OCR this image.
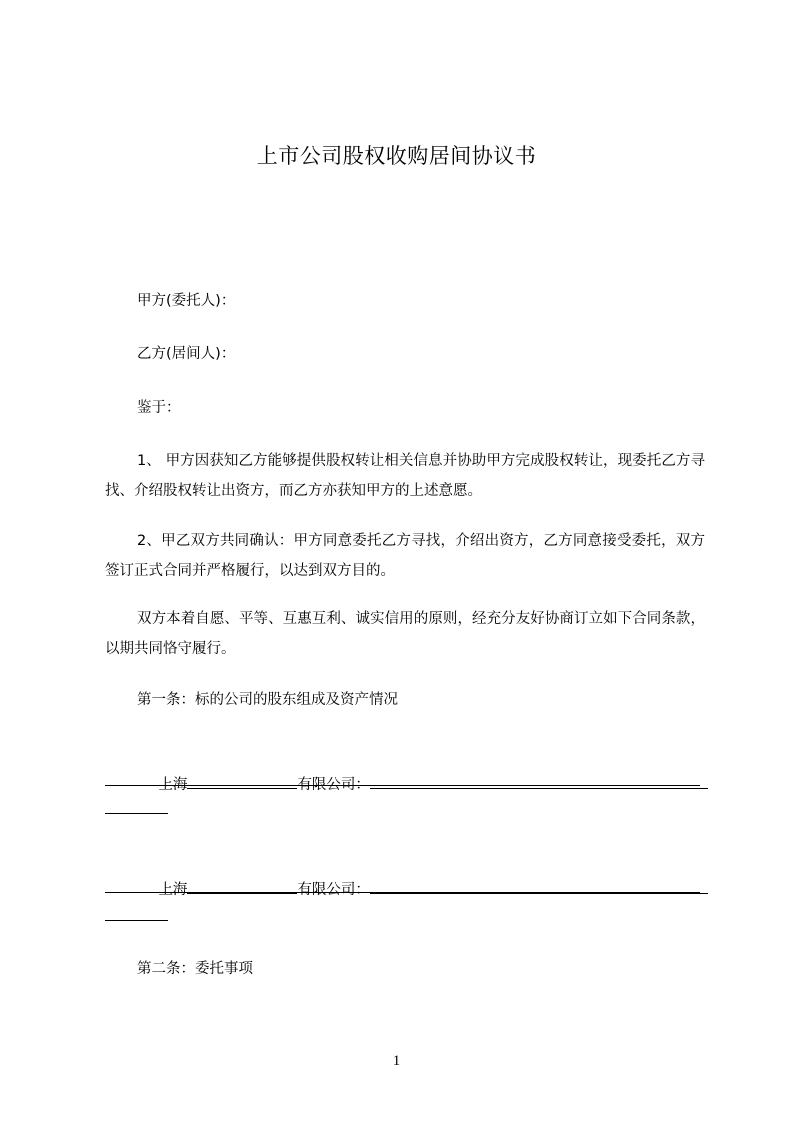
上市公司股权收购居间协议书
甲方(委托人)：
乙方(居间人)：
鉴于：
1、 甲方因获知乙方能够提供股权转让相关信息并协助甲方完成股权转让，现委托乙方寻找、介绍股权转让出资方，而乙方亦获知甲方的上述意愿。
2、甲乙双方共同确认：甲方同意委托乙方寻找，介绍出资方，乙方同意接受委托，双方签订正式合同并严格履行，以达到双方目的。
双方本着自愿、平等、互惠互利、诚实信用的原则，经充分友好协商订立如下合同条款，以期共同恪守履行。
第一条：标的公司的股东组成及资产情况

上海	有限公司：

上海	有限公司：

第二条：委托事项
1
